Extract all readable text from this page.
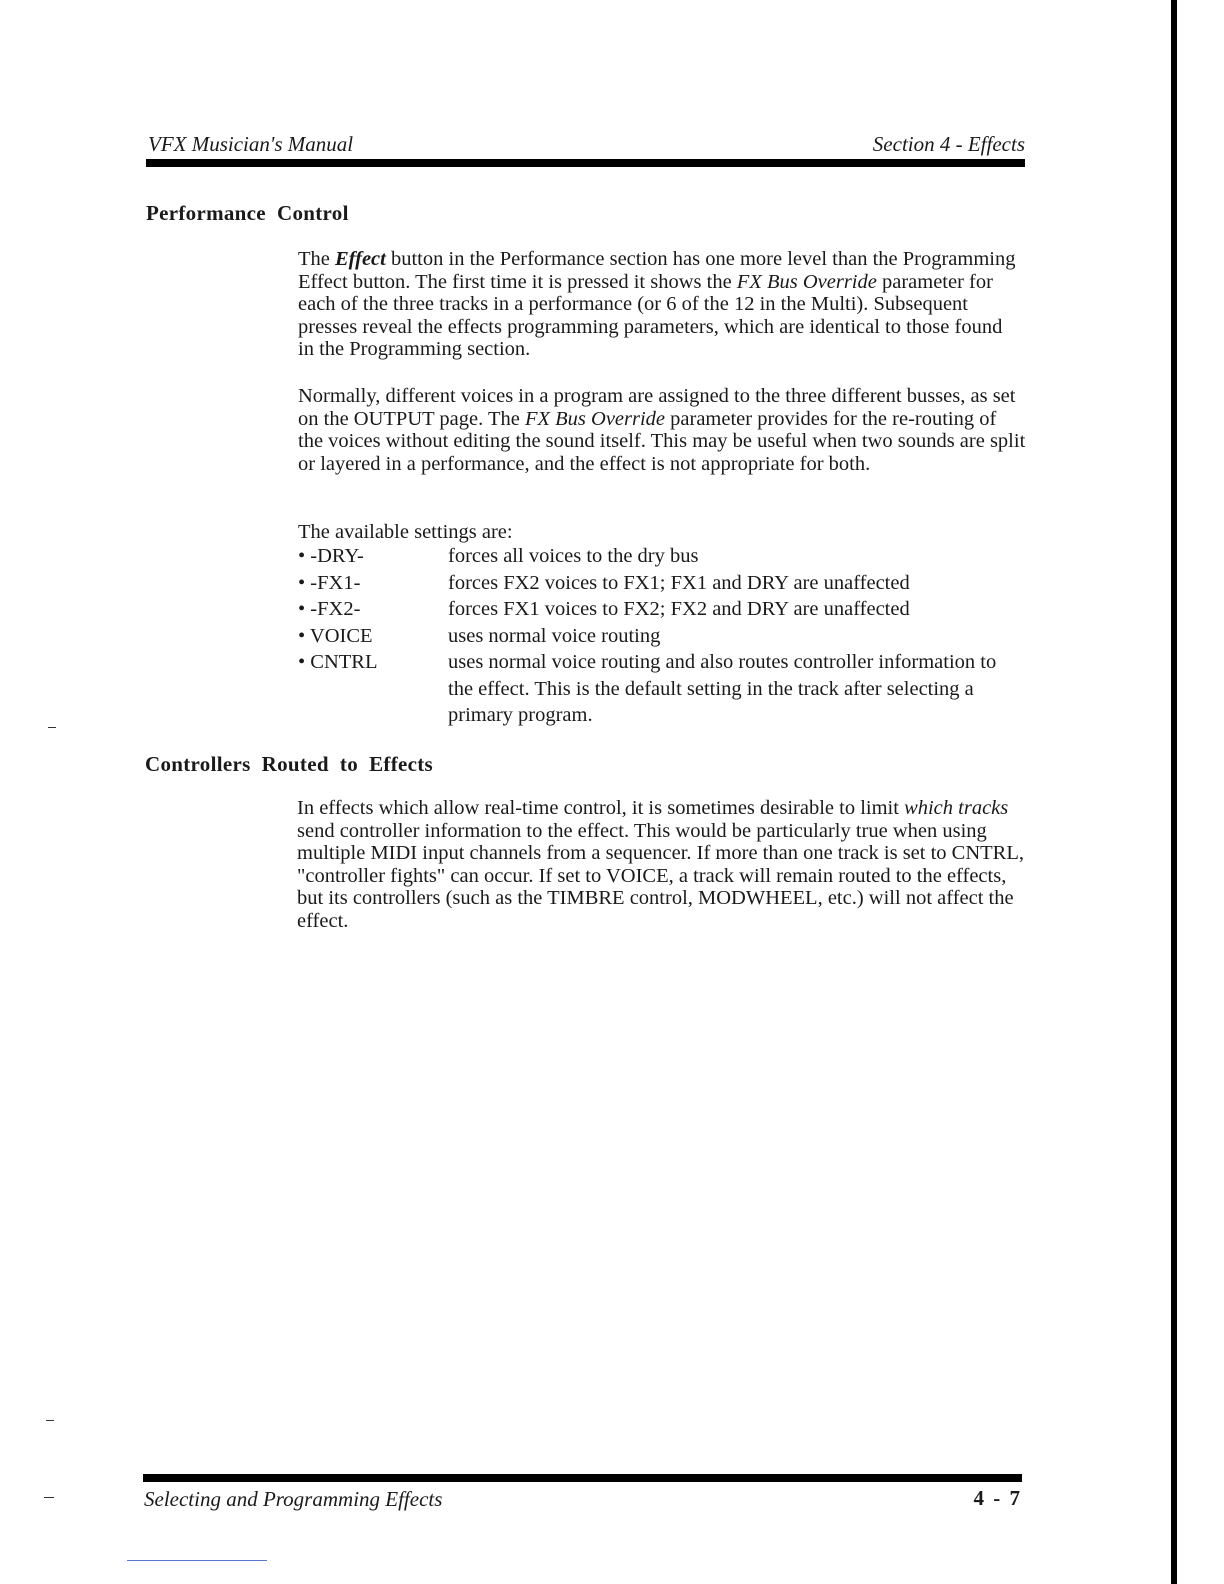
VFX Musician's Manual	Section 4 - Effects
Performance  Control

The Effect button in the Performance section has one more level than the Programming Effect button. The first time it is pressed it shows the FX Bus Override parameter for each of the three tracks in a performance (or 6 of the 12 in the Multi). Subsequent presses reveal the effects programming parameters, which are identical to those found in the Programming section.

Normally, different voices in a program are assigned to the three different busses, as set on the OUTPUT page. The FX Bus Override parameter provides for the re-routing of the voices without editing the sound itself. This may be useful when two sounds are split or layered in a performance, and the effect is not appropriate for both.

The available settings are:
• -DRY-	forces all voices to the dry bus
• -FX1-	forces FX2 voices to FX1; FX1 and DRY are unaffected
• -FX2-	forces FX1 voices to FX2; FX2 and DRY are unaffected
• VOICE	uses normal voice routing
• CNTRL	uses normal voice routing and also routes controller information to the effect. This is the default setting in the track after selecting a primary program.
Controllers  Routed  to  Effects

In effects which allow real-time control, it is sometimes desirable to limit which tracks send controller information to the effect. This would be particularly true when using multiple MIDI input channels from a sequencer. If more than one track is set to CNTRL, "controller fights" can occur. If set to VOICE, a track will remain routed to the effects, but its controllers (such as the TIMBRE control, MODWHEEL, etc.) will not affect the effect.

Selecting and Programming Effects	4 - 7
